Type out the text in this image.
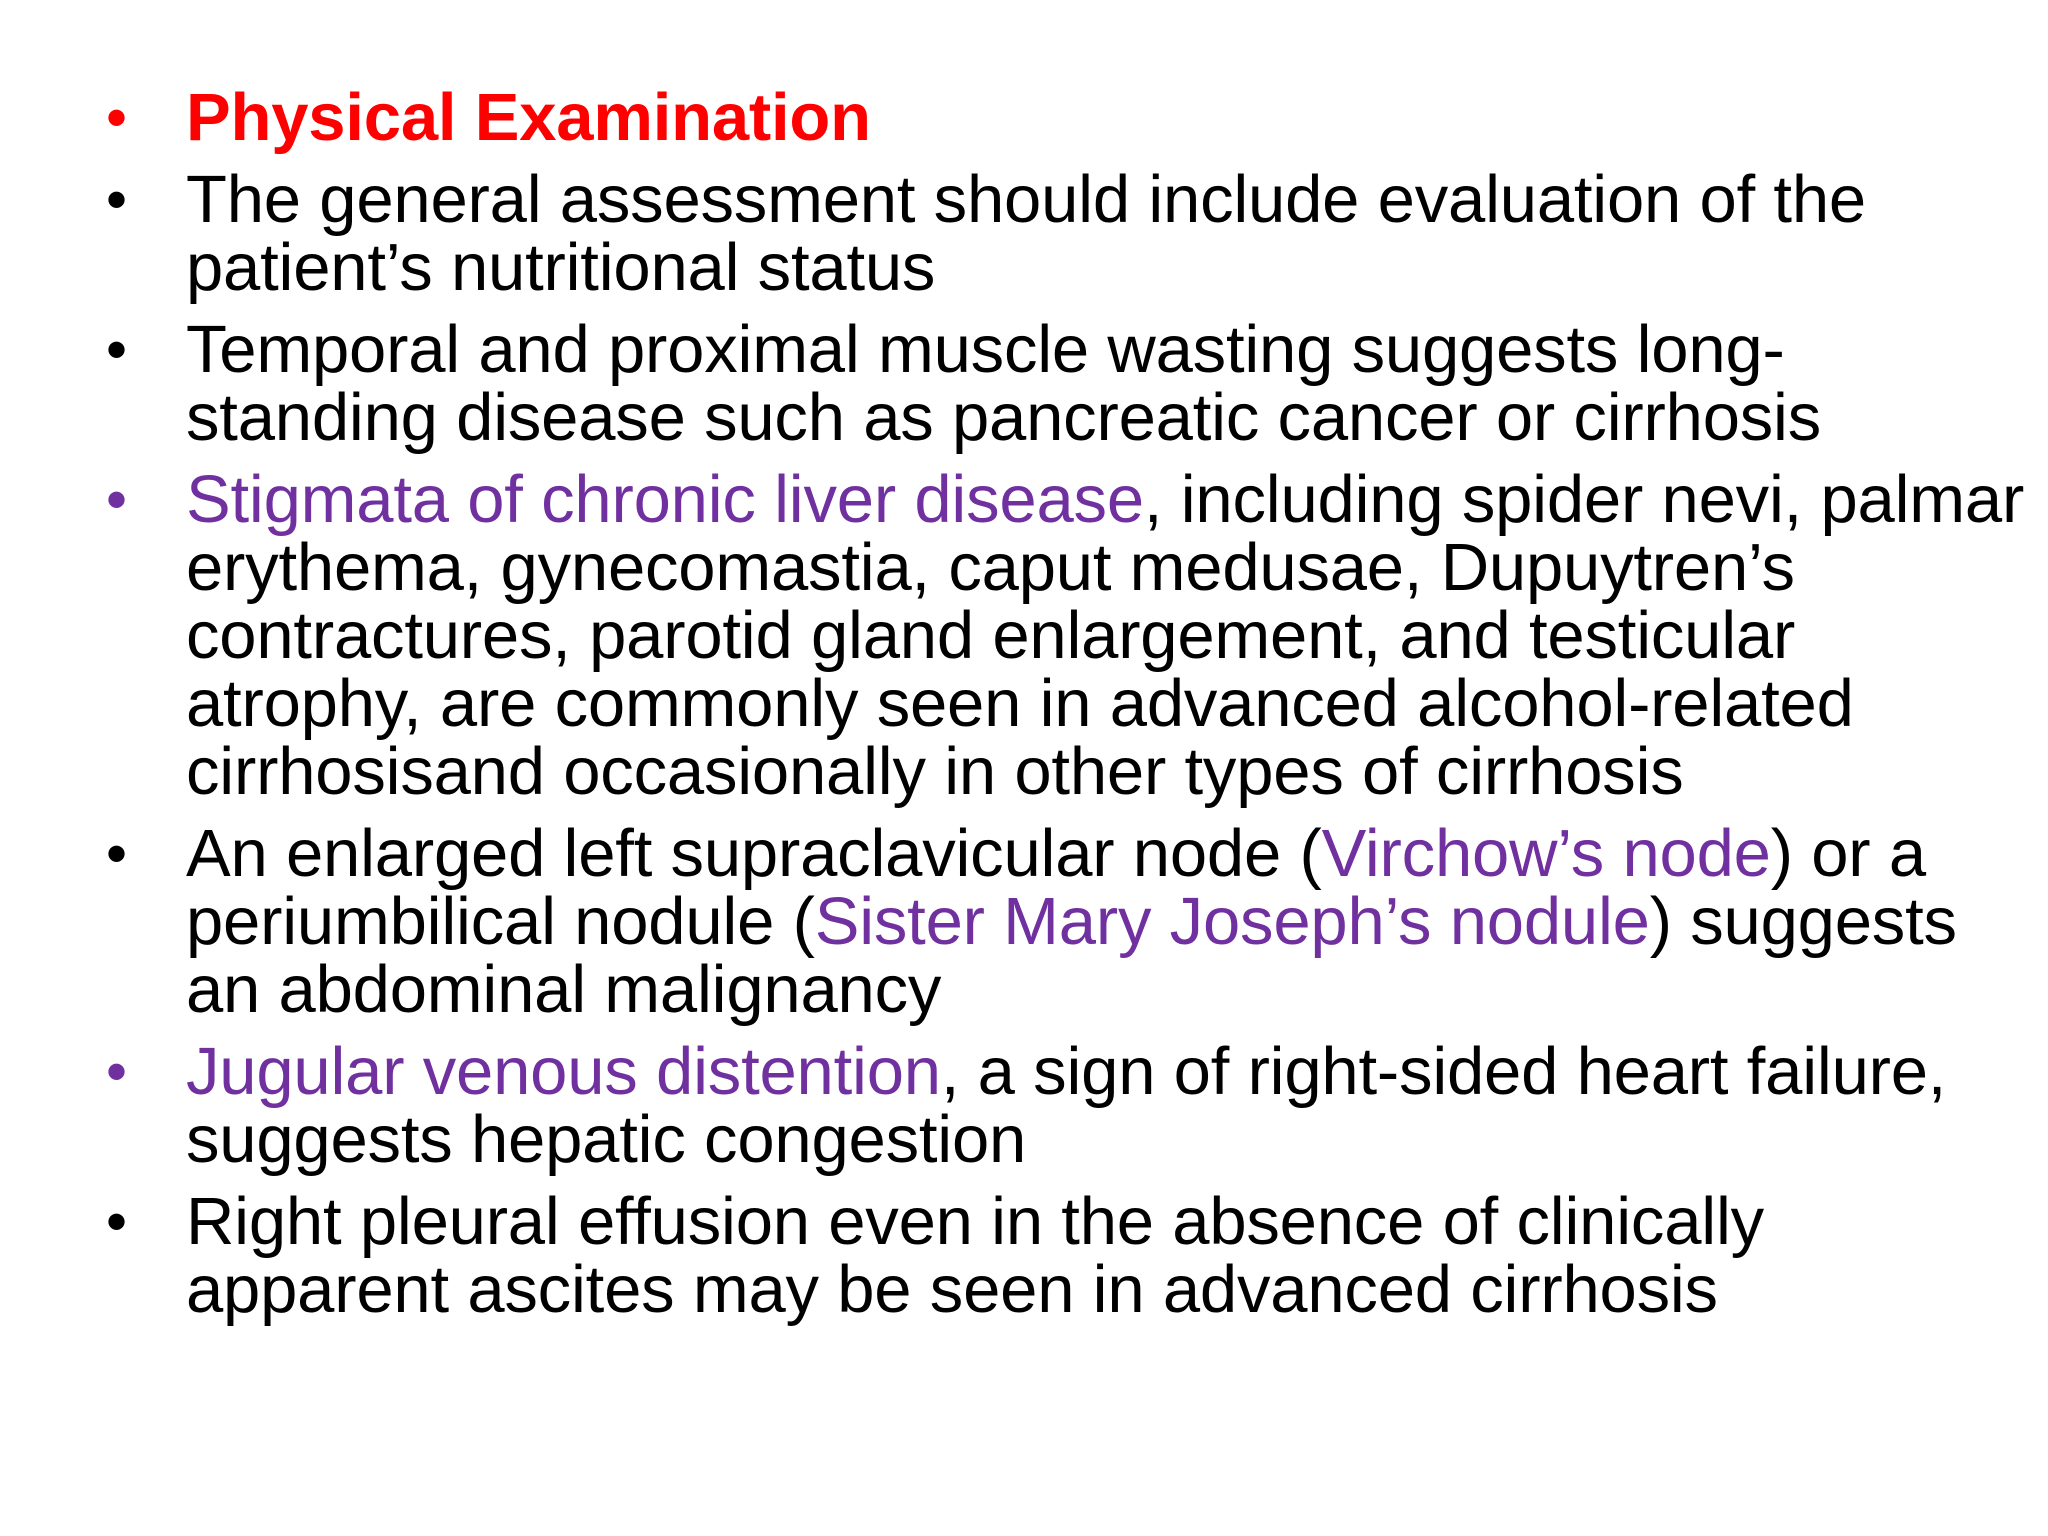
• Physical Examination
• The general assessment should include evaluation of the patient’s nutritional status
• Temporal and proximal muscle wasting suggests long-standing disease such as pancreatic cancer or cirrhosis
• Stigmata of chronic liver disease, including spider nevi, palmar erythema, gynecomastia, caput medusae, Dupuytren’s contractures, parotid gland enlargement, and testicular atrophy, are commonly seen in advanced alcohol-related cirrhosisand occasionally in other types of cirrhosis
• An enlarged left supraclavicular node (Virchow’s node) or a periumbilical nodule (Sister Mary Joseph’s nodule) suggests an abdominal malignancy
• Jugular venous distention, a sign of right-sided heart failure, suggests hepatic congestion
• Right pleural effusion even in the absence of clinically apparent ascites may be seen in advanced cirrhosis
